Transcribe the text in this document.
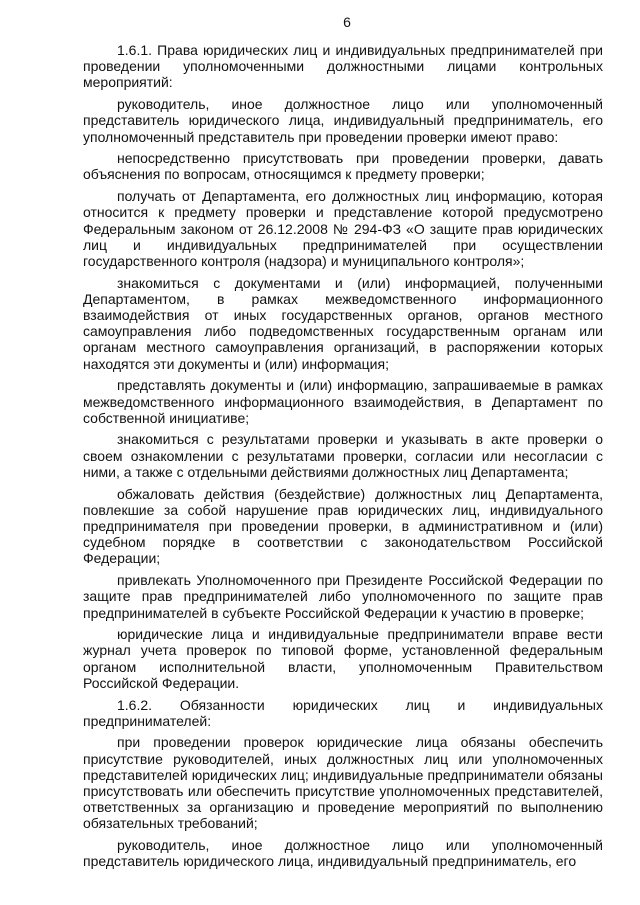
6

1.6.1. Права юридических лиц и индивидуальных предпринимателей при проведении уполномоченными должностными лицами контрольных мероприятий:

руководитель, иное должностное лицо или уполномоченный представитель юридического лица, индивидуальный предприниматель, его уполномоченный представитель при проведении проверки имеют право:

непосредственно присутствовать при проведении проверки, давать объяснения по вопросам, относящимся к предмету проверки;

получать от Департамента, его должностных лиц информацию, которая относится к предмету проверки и представление которой предусмотрено Федеральным законом от 26.12.2008 № 294-ФЗ «О защите прав юридических лиц и индивидуальных предпринимателей при осуществлении государственного контроля (надзора) и муниципального контроля»;

знакомиться с документами и (или) информацией, полученными Департаментом, в рамках межведомственного информационного взаимодействия от иных государственных органов, органов местного самоуправления либо подведомственных государственным органам или органам местного самоуправления организаций, в распоряжении которых находятся эти документы и (или) информация;

представлять документы и (или) информацию, запрашиваемые в рамках межведомственного информационного взаимодействия, в Департамент по собственной инициативе;

знакомиться с результатами проверки и указывать в акте проверки о своем ознакомлении с результатами проверки, согласии или несогласии с ними, а также с отдельными действиями должностных лиц Департамента;

обжаловать действия (бездействие) должностных лиц Департамента, повлекшие за собой нарушение прав юридических лиц, индивидуального предпринимателя при проведении проверки, в административном и (или) судебном порядке в соответствии с законодательством Российской Федерации;

привлекать Уполномоченного при Президенте Российской Федерации по защите прав предпринимателей либо уполномоченного по защите прав предпринимателей в субъекте Российской Федерации к участию в проверке;

юридические лица и индивидуальные предприниматели вправе вести журнал учета проверок по типовой форме, установленной федеральным органом исполнительной власти, уполномоченным Правительством Российской Федерации.

1.6.2. Обязанности юридических лиц и индивидуальных предпринимателей:

при проведении проверок юридические лица обязаны обеспечить присутствие руководителей, иных должностных лиц или уполномоченных представителей юридических лиц; индивидуальные предприниматели обязаны присутствовать или обеспечить присутствие уполномоченных представителей, ответственных за организацию и проведение мероприятий по выполнению обязательных требований;

руководитель, иное должностное лицо или уполномоченный представитель юридического лица, индивидуальный предприниматель, его
